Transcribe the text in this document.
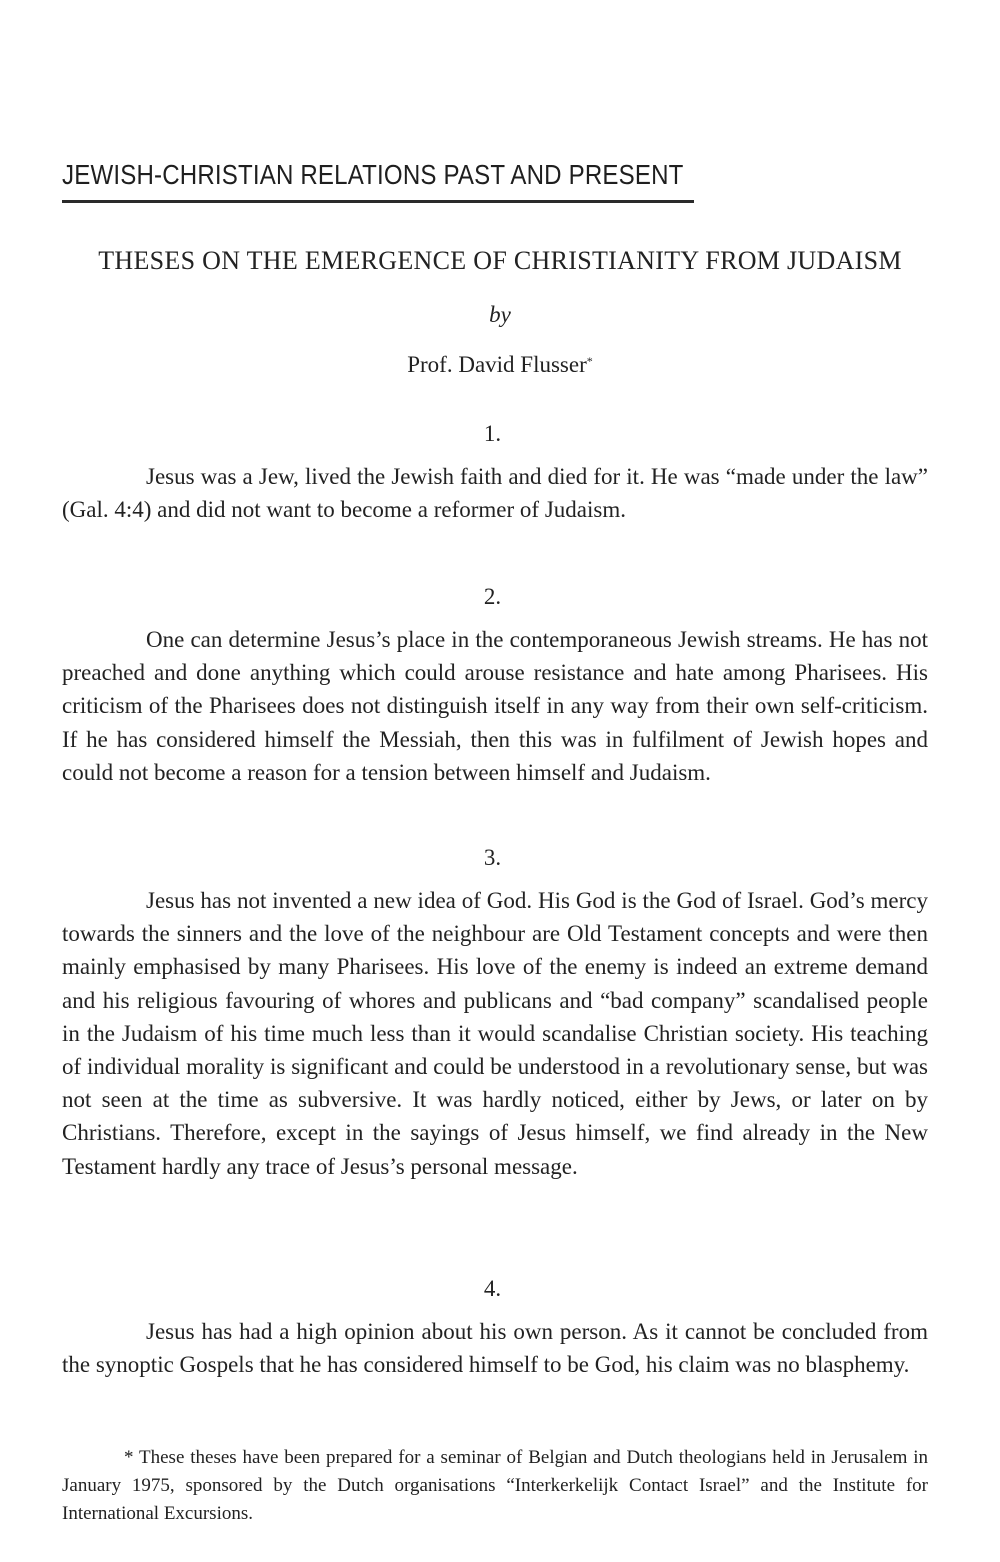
JEWISH-CHRISTIAN RELATIONS PAST AND PRESENT
THESES ON THE EMERGENCE OF CHRISTIANITY FROM JUDAISM
by
Prof. David Flusser*
1.

Jesus was a Jew, lived the Jewish faith and died for it. He was “made under the law” (Gal. 4:4) and did not want to become a reformer of Judaism.

2.

One can determine Jesus’s place in the contemporaneous Jewish streams. He has not preached and done anything which could arouse resistance and hate among Pharisees. His criticism of the Pharisees does not distinguish itself in any way from their own self-criticism. If he has considered himself the Messiah, then this was in fulfilment of Jewish hopes and could not become a reason for a tension between himself and Judaism.

3.

Jesus has not invented a new idea of God. His God is the God of Israel. God’s mercy towards the sinners and the love of the neighbour are Old Testament concepts and were then mainly emphasised by many Pharisees. His love of the enemy is indeed an extreme demand and his religious favouring of whores and publicans and “bad company” scandalised people in the Judaism of his time much less than it would scandalise Christian society. His teaching of individual morality is significant and could be understood in a revolutionary sense, but was not seen at the time as subversive. It was hardly noticed, either by Jews, or later on by Christians. Therefore, except in the sayings of Jesus himself, we find already in the New Testament hardly any trace of Jesus’s personal message.

4.

Jesus has had a high opinion about his own person. As it cannot be concluded from the synoptic Gospels that he has considered himself to be God, his claim was no blasphemy.

* These theses have been prepared for a seminar of Belgian and Dutch theologians held in Jerusalem in January 1975, sponsored by the Dutch organisations “Interkerkelijk Contact Israel” and the Institute for International Excursions.
